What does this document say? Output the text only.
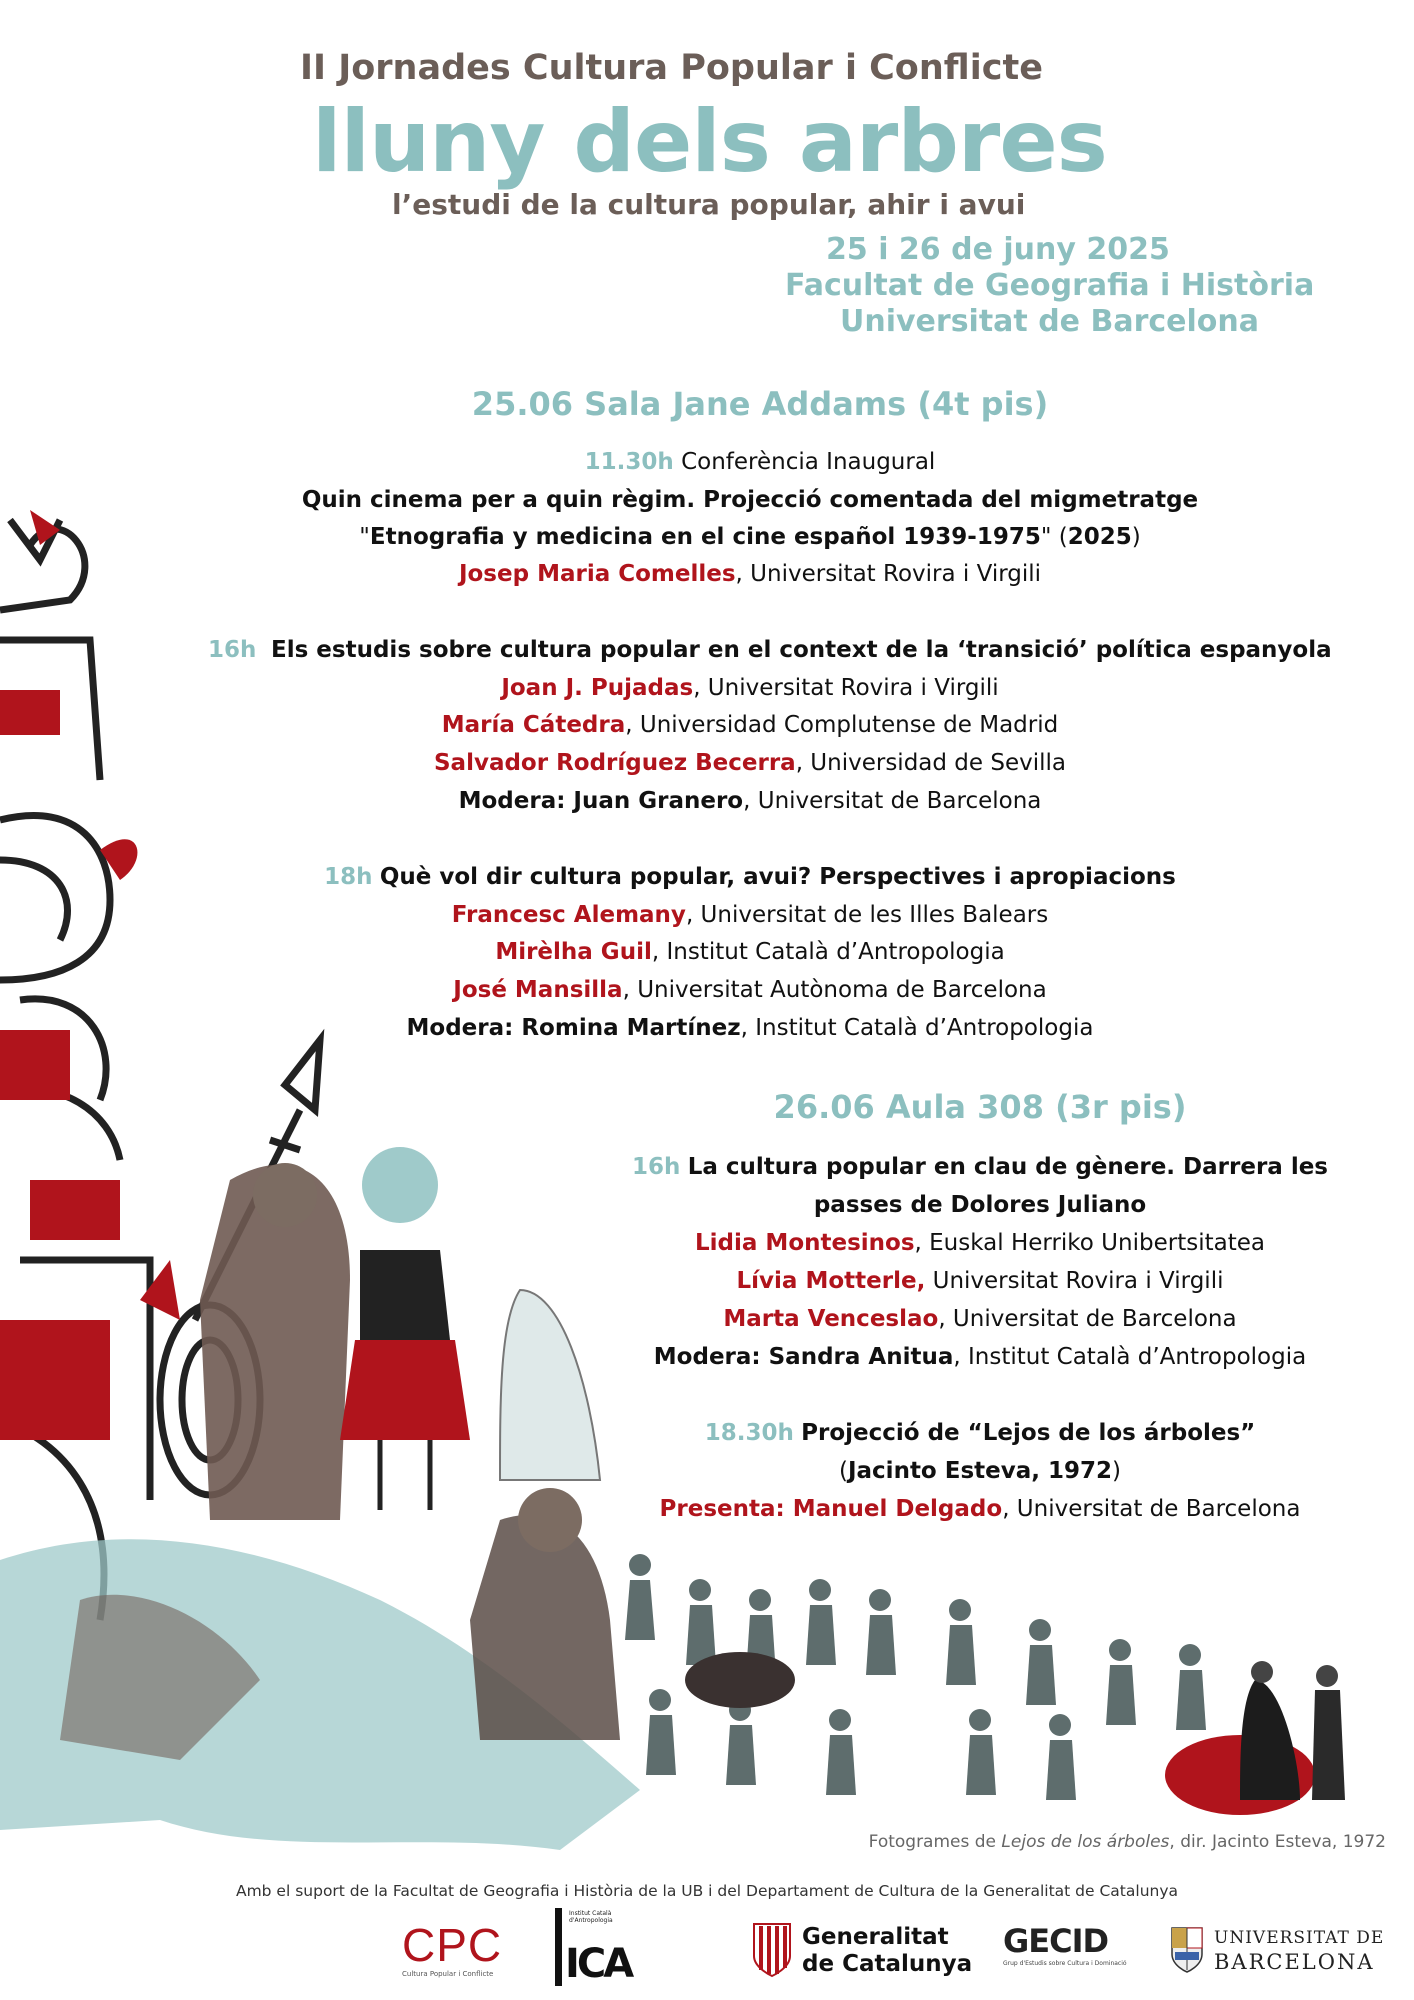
II Jornades Cultura Popular i Conflicte
lluny dels arbres
l’estudi de la cultura popular, ahir i avui
25 i 26 de juny 2025
Facultat de Geografia i Història
Universitat de Barcelona
25.06 Sala Jane Addams (4t pis)
11.30h Conferència Inaugural
Quin cinema per a quin règim. Projecció comentada del migmetratge
"Etnografia y medicina en el cine español 1939-1975" (2025)
Josep Maria Comelles, Universitat Rovira i Virgili
16h Els estudis sobre cultura popular en el context de la ‘transició’ política espanyola
Joan J. Pujadas, Universitat Rovira i Virgili
María Cátedra, Universidad Complutense de Madrid
Salvador Rodríguez Becerra, Universidad de Sevilla
Modera: Juan Granero, Universitat de Barcelona
18h Què vol dir cultura popular, avui? Perspectives i apropiacions
Francesc Alemany, Universitat de les Illes Balears
Mirèlha Guil, Institut Català d’Antropologia
José Mansilla, Universitat Autònoma de Barcelona
Modera: Romina Martínez, Institut Català d’Antropologia
26.06 Aula 308 (3r pis)
16h La cultura popular en clau de gènere. Darrera les
passes de Dolores Juliano
Lidia Montesinos, Euskal Herriko Unibertsitatea
Lívia Motterle, Universitat Rovira i Virgili
Marta Venceslao, Universitat de Barcelona
Modera: Sandra Anitua, Institut Català d’Antropologia
18.30h Projecció de “Lejos de los árboles”
(Jacinto Esteva, 1972)
Presenta: Manuel Delgado, Universitat de Barcelona
Fotogrames de Lejos de los árboles, dir. Jacinto Esteva, 1972
Amb el suport de la Facultat de Geografia i Història de la UB i del Departament de Cultura de la Generalitat de Catalunya
CPC
Cultura Popular i Conflicte
Institut Català d'Antropologia
ICA
Generalitat
de Catalunya
GECID
Grup d'Estudis sobre Cultura i Dominació
UNIVERSITAT DE
BARCELONA
